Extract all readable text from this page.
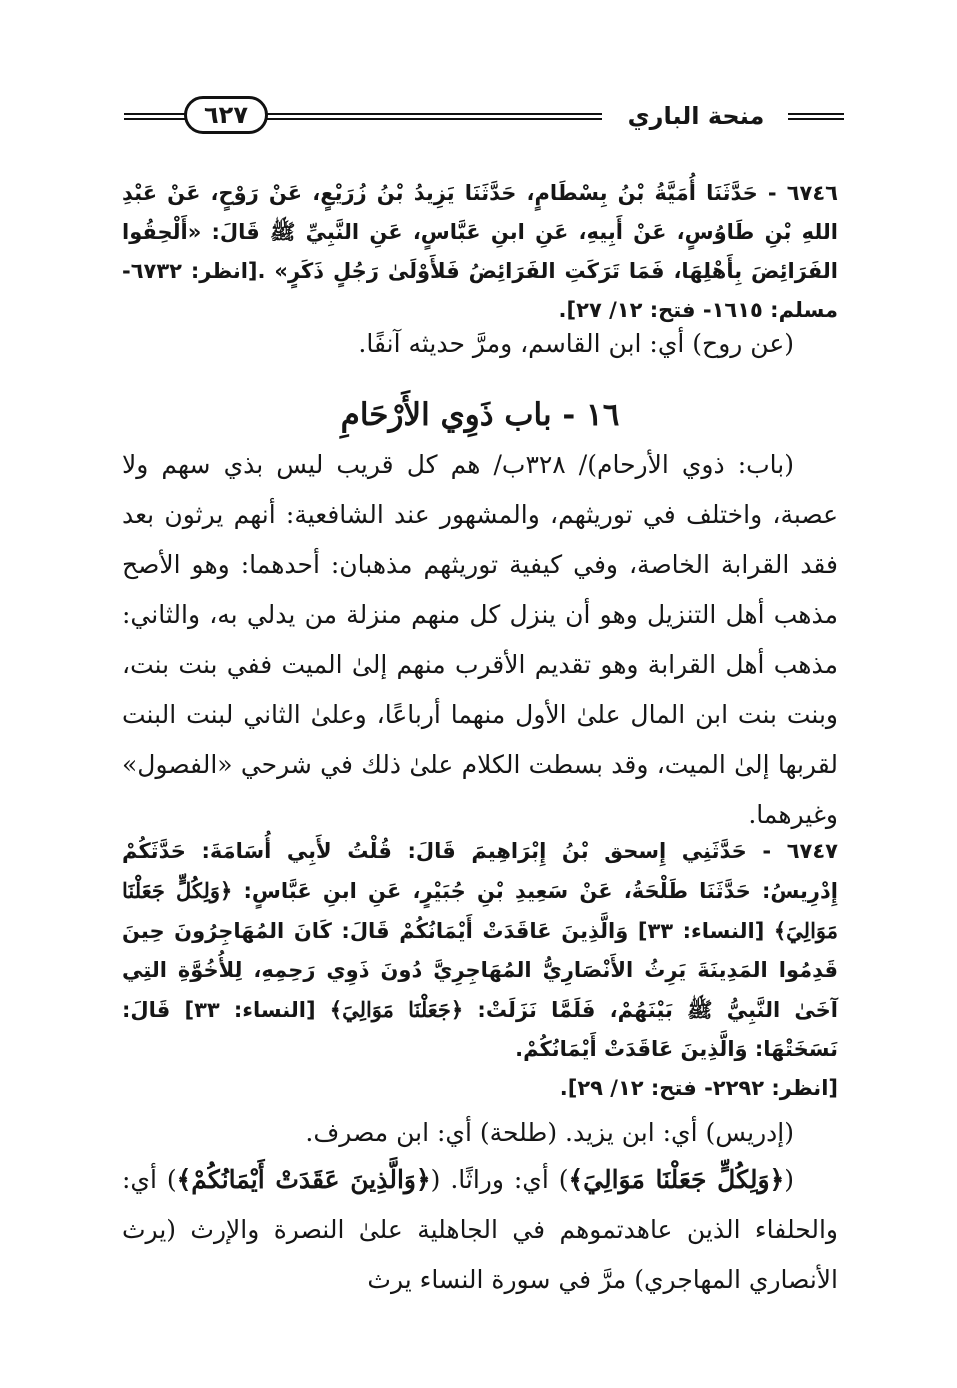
٦٢٧	منحة الباري
٦٧٤٦ - حَدَّثَنَا أُمَيَّةُ بْنُ بِسْطَامٍ، حَدَّثَنَا يَزِيدُ بْنُ زُرَيْعٍ، عَنْ رَوْحٍ، عَنْ عَبْدِ اللهِ بْنِ طَاوُسٍ، عَنْ أَبِيهِ، عَنِ ابنِ عَبَّاسٍ، عَنِ النَّبِيِّ ﷺ قَالَ: «أَلْحِقُوا الفَرَائِضَ بِأَهْلِهَا، فَمَا تَرَكَتِ الفَرَائِضُ فَلأَوْلَىٰ رَجُلٍ ذَكَرٍ» .[انظر: ٦٧٣٢- مسلم: ١٦١٥- فتح: ١٢/ ٢٧].
(عن روح) أي: ابن القاسم، ومرَّ حديثه آنفًا.
١٦ - باب ذَوِي الأَرْحَامِ
(باب: ذوي الأرحام)/ ٣٢٨ب/ هم كل قريب ليس بذي سهم ولا عصبة، واختلف في توريثهم، والمشهور عند الشافعية: أنهم يرثون بعد فقد القرابة الخاصة، وفي كيفية توريثهم مذهبان: أحدهما: وهو الأصح مذهب أهل التنزيل وهو أن ينزل كل منهم منزلة من يدلي به، والثاني: مذهب أهل القرابة وهو تقديم الأقرب منهم إلىٰ الميت ففي بنت بنت، وبنت بنت ابن المال علىٰ الأول منهما أرباعًا، وعلىٰ الثاني لبنت البنت لقربها إلىٰ الميت، وقد بسطت الكلام علىٰ ذلك في شرحي «الفصول» وغيرهما.
٦٧٤٧ - حَدَّثَنِي إِسحق بْنُ إِبْرَاهِيمَ قَالَ: قُلْتُ لأَبِي أُسَامَةَ: حَدَّثَكُمْ إِدْرِيسُ: حَدَّثَنَا طَلْحَةُ، عَنْ سَعِيدِ بْنِ جُبَيْرٍ، عَنِ ابنِ عَبَّاسٍ: ﴿وَلِكُلٍّ جَعَلْنَا مَوَالِيَ﴾ [النساء: ٣٣] وَالَّذِينَ عَاقَدَتْ أَيْمَانُكُمْ قَالَ: كَانَ المُهَاجِرُونَ حِينَ قَدِمُوا المَدِينَةَ يَرِثُ الأَنْصَارِيُّ المُهَاجِرِيَّ دُونَ ذَوِي رَحِمِهِ، لِلأُخُوَّةِ التِي آخَىٰ النَّبِيُّ ﷺ بَيْنَهُمْ، فَلَمَّا نَزَلَتْ: ﴿جَعَلْنَا مَوَالِيَ﴾ [النساء: ٣٣] قَالَ: نَسَخَتْهَا: وَالَّذِينَ عَاقَدَتْ أَيْمَانُكُمْ.
[انظر: ٢٢٩٢- فتح: ١٢/ ٢٩].
(إدريس) أي: ابن يزيد. (طلحة) أي: ابن مصرف.
(﴿وَلِكُلٍّ جَعَلْنَا مَوَالِيَ﴾) أي: وراثًا. (﴿وَالَّذِينَ عَقَدَتْ أَيْمَانُكُمْ﴾) أي: والحلفاء الذين عاهدتموهم في الجاهلية علىٰ النصرة والإرث (يرث الأنصاري المهاجري) مرَّ في سورة النساء يرث
